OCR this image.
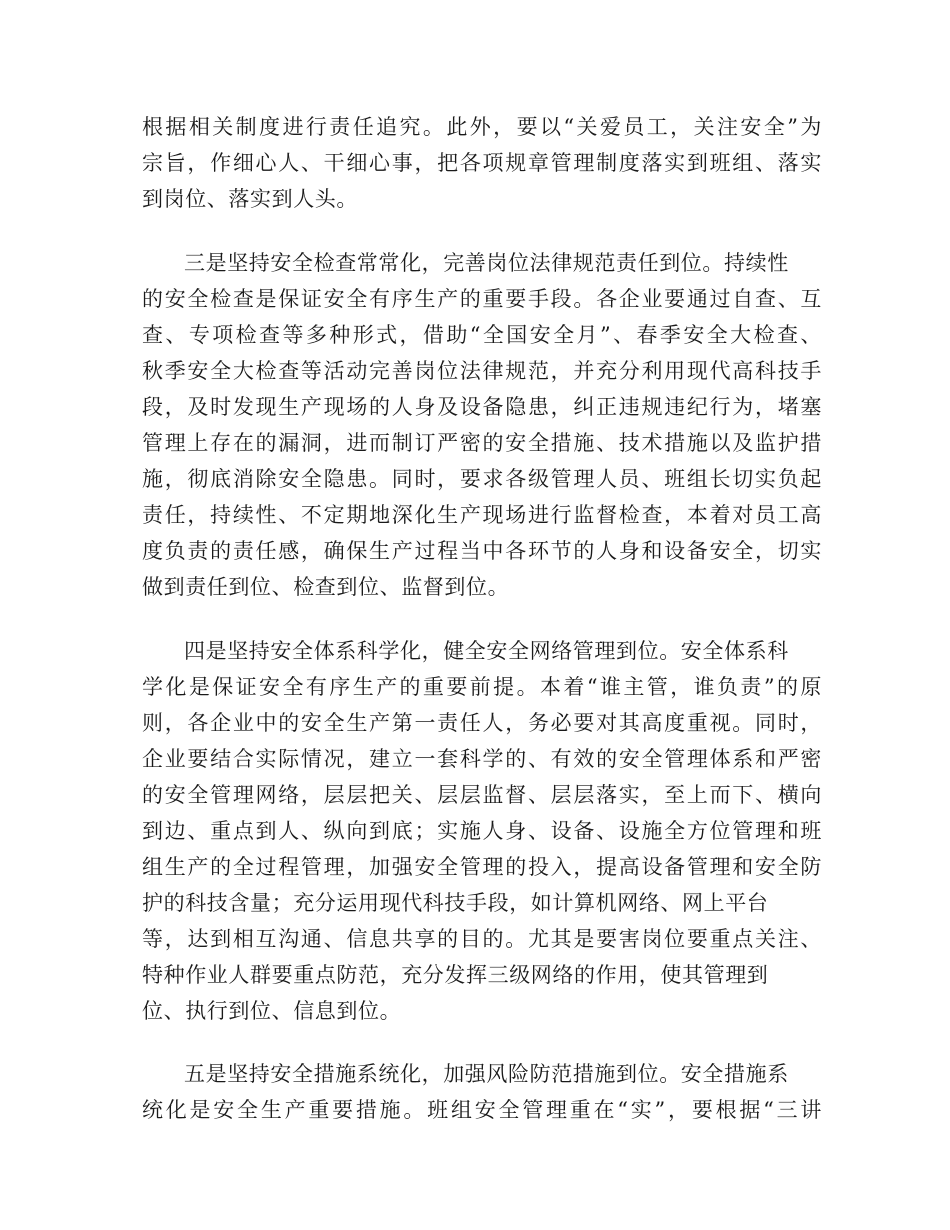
根据相关制度进行责任追究。此外，要以“关爱员工，关注安全”为
宗旨，作细心人、干细心事，把各项规章管理制度落实到班组、落实
到岗位、落实到人头。
三是坚持安全检查常常化，完善岗位法律规范责任到位。持续性
的安全检查是保证安全有序生产的重要手段。各企业要通过自查、互
查、专项检查等多种形式，借助“全国安全月”、春季安全大检查、
秋季安全大检查等活动完善岗位法律规范，并充分利用现代高科技手
段，及时发现生产现场的人身及设备隐患，纠正违规违纪行为，堵塞
管理上存在的漏洞，进而制订严密的安全措施、技术措施以及监护措
施，彻底消除安全隐患。同时，要求各级管理人员、班组长切实负起
责任，持续性、不定期地深化生产现场进行监督检查，本着对员工高
度负责的责任感，确保生产过程当中各环节的人身和设备安全，切实
做到责任到位、检查到位、监督到位。
四是坚持安全体系科学化，健全安全网络管理到位。安全体系科
学化是保证安全有序生产的重要前提。本着“谁主管，谁负责”的原
则，各企业中的安全生产第一责任人，务必要对其高度重视。同时，
企业要结合实际情况，建立一套科学的、有效的安全管理体系和严密
的安全管理网络，层层把关、层层监督、层层落实，至上而下、横向
到边、重点到人、纵向到底；实施人身、设备、设施全方位管理和班
组生产的全过程管理，加强安全管理的投入，提高设备管理和安全防
护的科技含量；充分运用现代科技手段，如计算机网络、网上平台
等，达到相互沟通、信息共享的目的。尤其是要害岗位要重点关注、
特种作业人群要重点防范，充分发挥三级网络的作用，使其管理到
位、执行到位、信息到位。
五是坚持安全措施系统化，加强风险防范措施到位。安全措施系
统化是安全生产重要措施。班组安全管理重在“实”，要根据“三讲
